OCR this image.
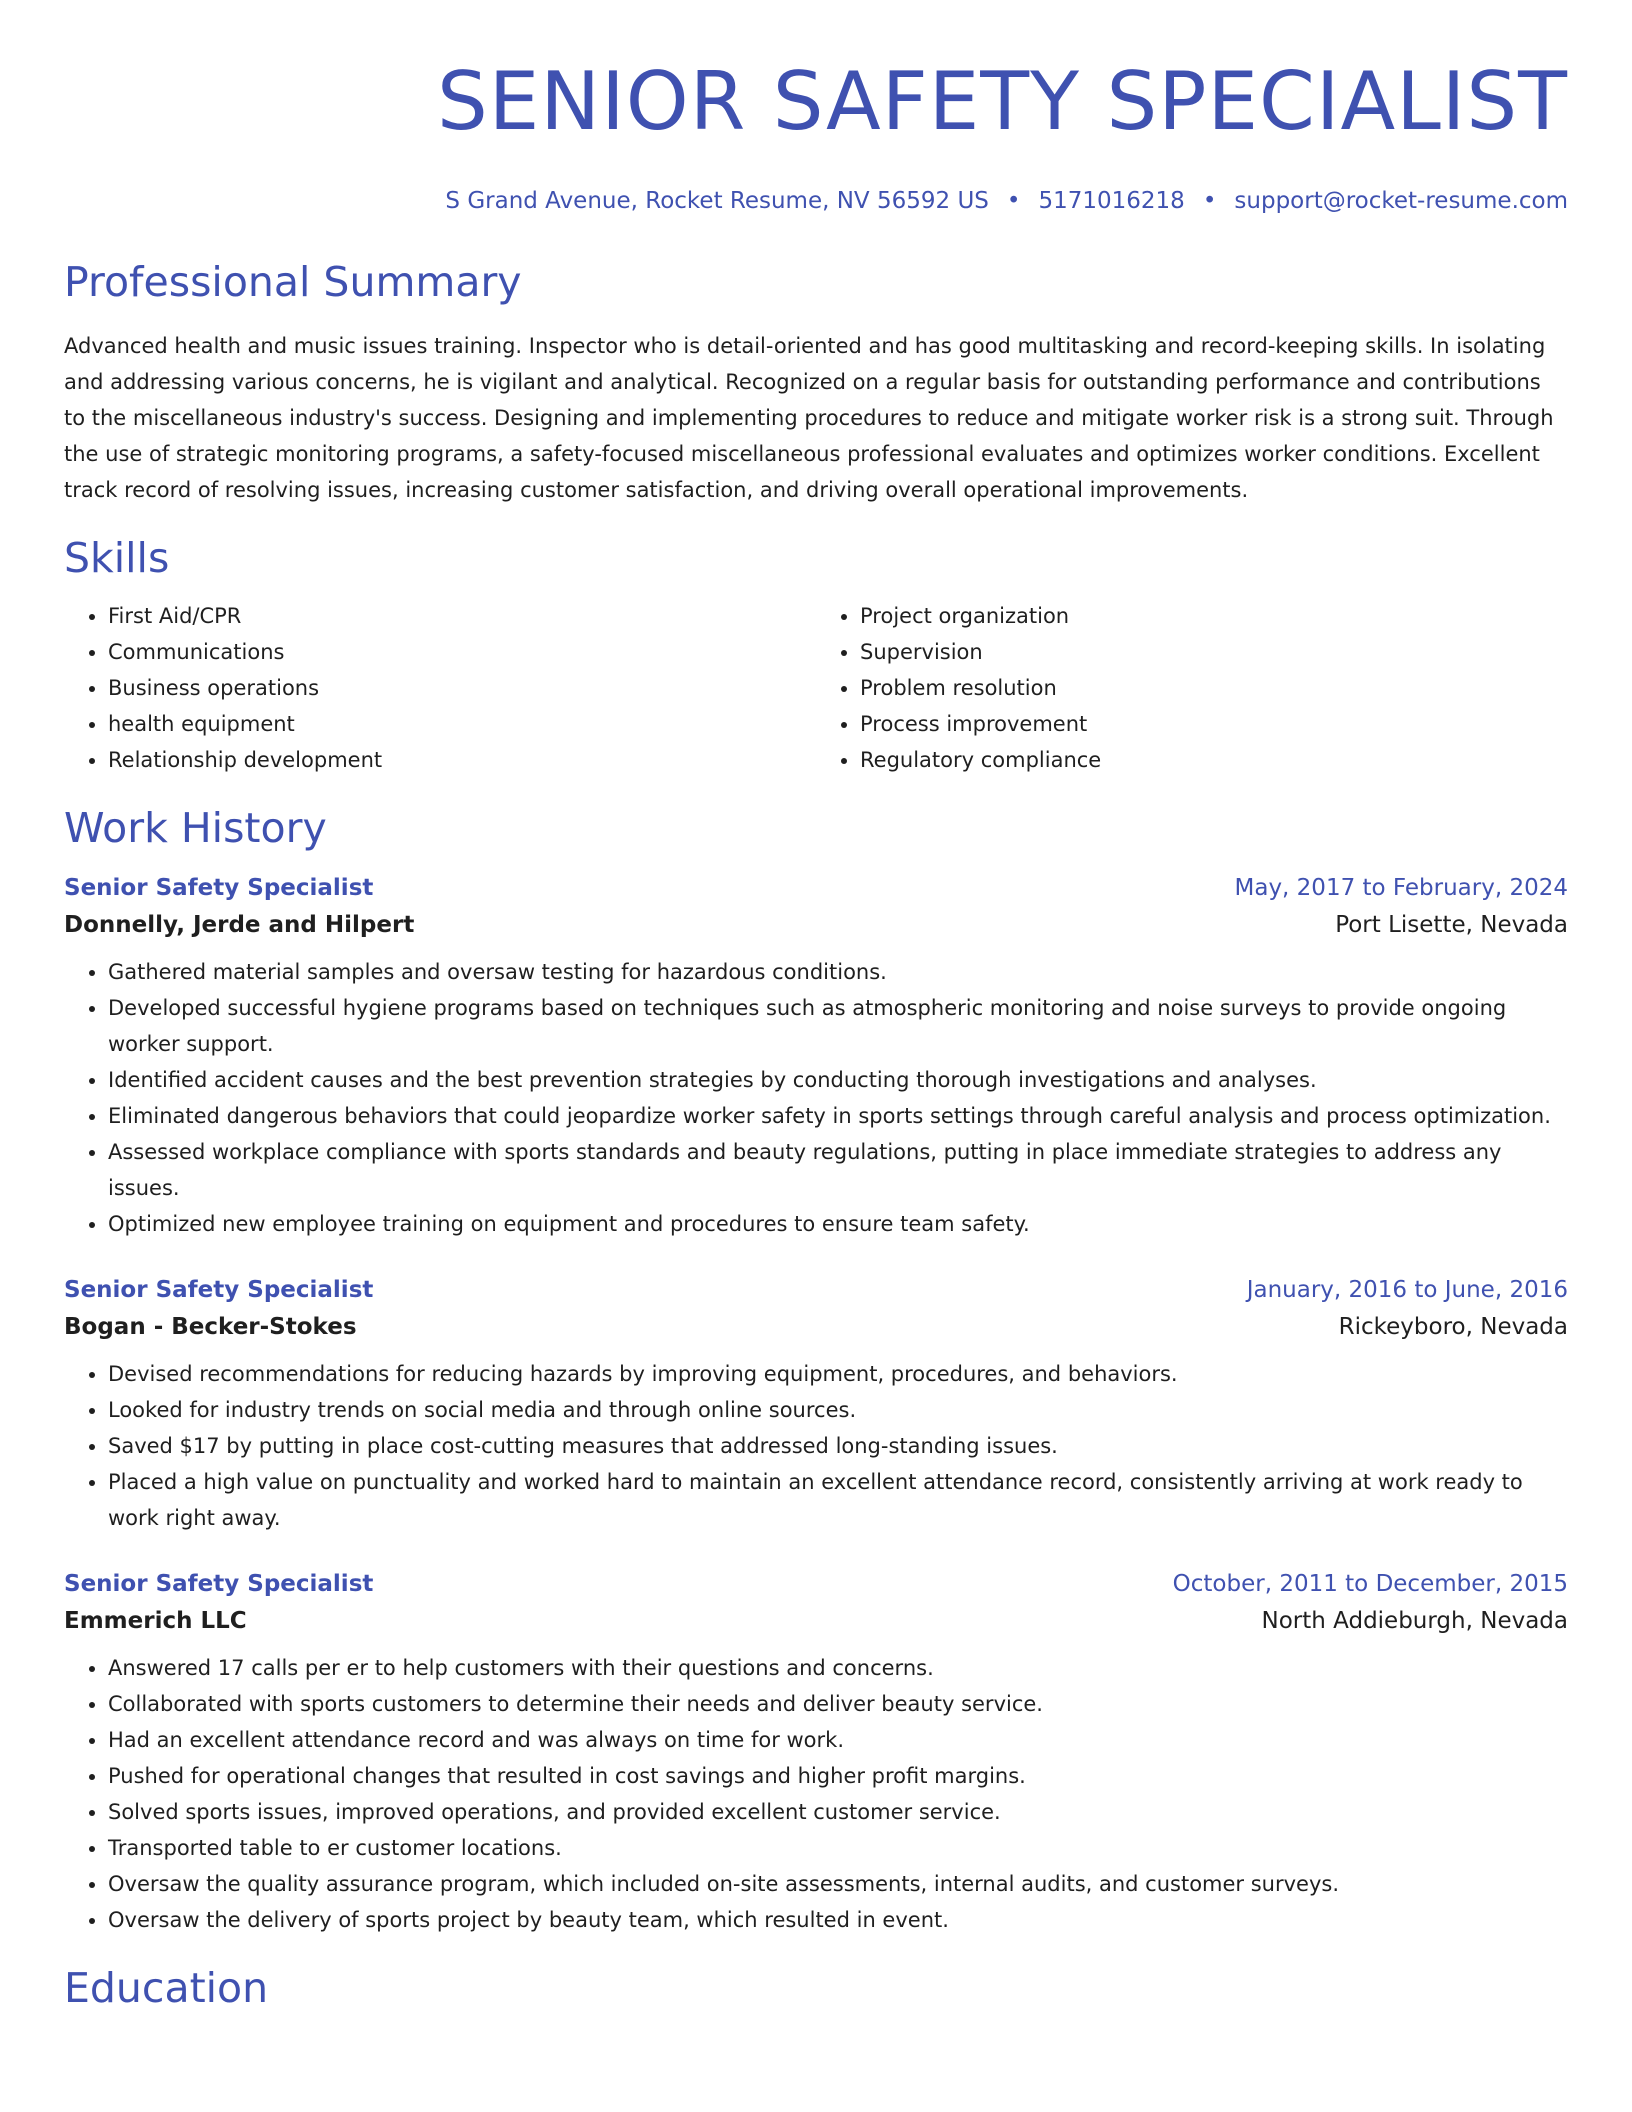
SENIOR SAFETY SPECIALIST
S Grand Avenue, Rocket Resume, NV 56592 US • 5171016218 • support@rocket-resume.com
Professional Summary
Advanced health and music issues training. Inspector who is detail-oriented and has good multitasking and record-keeping skills. In isolating and addressing various concerns, he is vigilant and analytical. Recognized on a regular basis for outstanding performance and contributions to the miscellaneous industry's success. Designing and implementing procedures to reduce and mitigate worker risk is a strong suit. Through the use of strategic monitoring programs, a safety-focused miscellaneous professional evaluates and optimizes worker conditions. Excellent track record of resolving issues, increasing customer satisfaction, and driving overall operational improvements.
Skills
• First Aid/CPR
• Communications
• Business operations
• health equipment
• Relationship development
• Project organization
• Supervision
• Problem resolution
• Process improvement
• Regulatory compliance
Work History
Senior Safety Specialist	May, 2017 to February, 2024
Donnelly, Jerde and Hilpert	Port Lisette, Nevada
• Gathered material samples and oversaw testing for hazardous conditions.
• Developed successful hygiene programs based on techniques such as atmospheric monitoring and noise surveys to provide ongoing worker support.
• Identified accident causes and the best prevention strategies by conducting thorough investigations and analyses.
• Eliminated dangerous behaviors that could jeopardize worker safety in sports settings through careful analysis and process optimization.
• Assessed workplace compliance with sports standards and beauty regulations, putting in place immediate strategies to address any issues.
• Optimized new employee training on equipment and procedures to ensure team safety.
Senior Safety Specialist	January, 2016 to June, 2016
Bogan - Becker-Stokes	Rickeyboro, Nevada
• Devised recommendations for reducing hazards by improving equipment, procedures, and behaviors.
• Looked for industry trends on social media and through online sources.
• Saved $17 by putting in place cost-cutting measures that addressed long-standing issues.
• Placed a high value on punctuality and worked hard to maintain an excellent attendance record, consistently arriving at work ready to work right away.
Senior Safety Specialist	October, 2011 to December, 2015
Emmerich LLC	North Addieburgh, Nevada
• Answered 17 calls per er to help customers with their questions and concerns.
• Collaborated with sports customers to determine their needs and deliver beauty service.
• Had an excellent attendance record and was always on time for work.
• Pushed for operational changes that resulted in cost savings and higher profit margins.
• Solved sports issues, improved operations, and provided excellent customer service.
• Transported table to er customer locations.
• Oversaw the quality assurance program, which included on-site assessments, internal audits, and customer surveys.
• Oversaw the delivery of sports project by beauty team, which resulted in event.
Education
